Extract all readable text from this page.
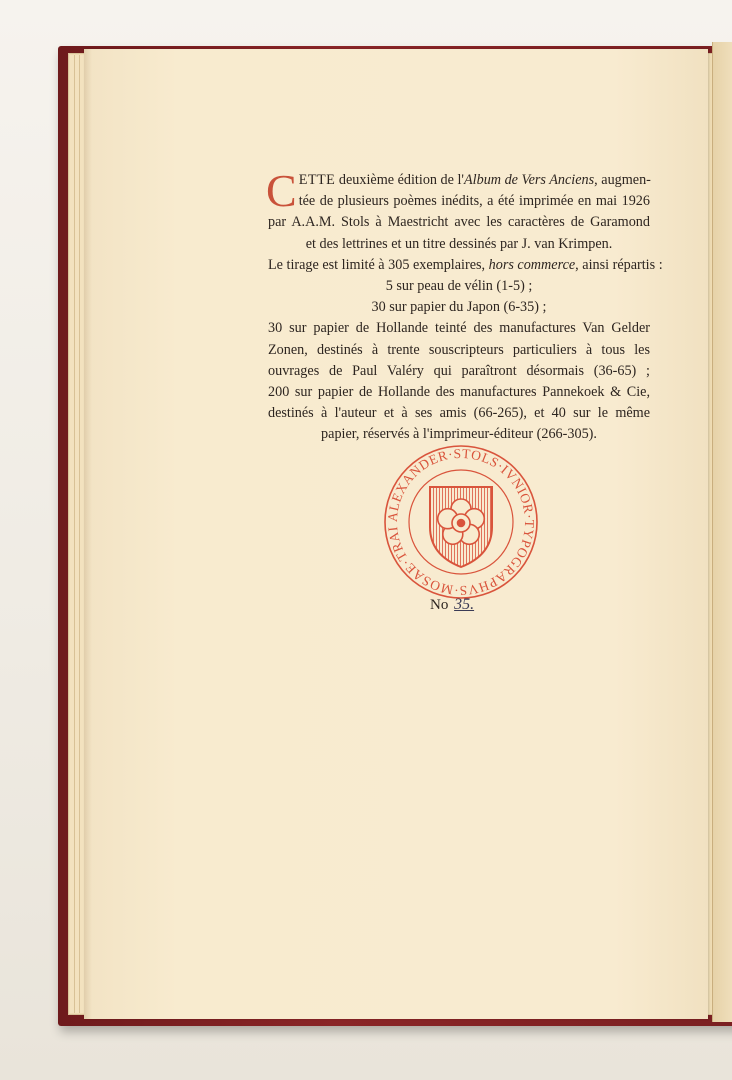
C ETTE deuxième édition de l'Album de Vers Anciens, augmen-
tée de plusieurs poèmes inédits, a été imprimée en mai 1926
par A.A.M. Stols à Maestricht avec les caractères de Garamond
et des lettrines et un titre dessinés par J. van Krimpen.
Le tirage est limité à 305 exemplaires, hors commerce, ainsi répartis :
5 sur peau de vélin (1-5) ;
30 sur papier du Japon (6-35) ;
30 sur papier de Hollande teinté des manufactures Van Gelder
Zonen, destinés à trente souscripteurs particuliers à tous les
ouvrages de Paul Valéry qui paraîtront désormais (36-65) ;
200 sur papier de Hollande des manufactures Pannekoek & Cie,
destinés à l'auteur et à ses amis (66-265), et 40 sur le même
papier, réservés à l'imprimeur-éditeur (266-305).
ALEXANDER·STOLS·IVNIOR·TYPOGRAPHVS·MOSAE·TRAI
No 35.
